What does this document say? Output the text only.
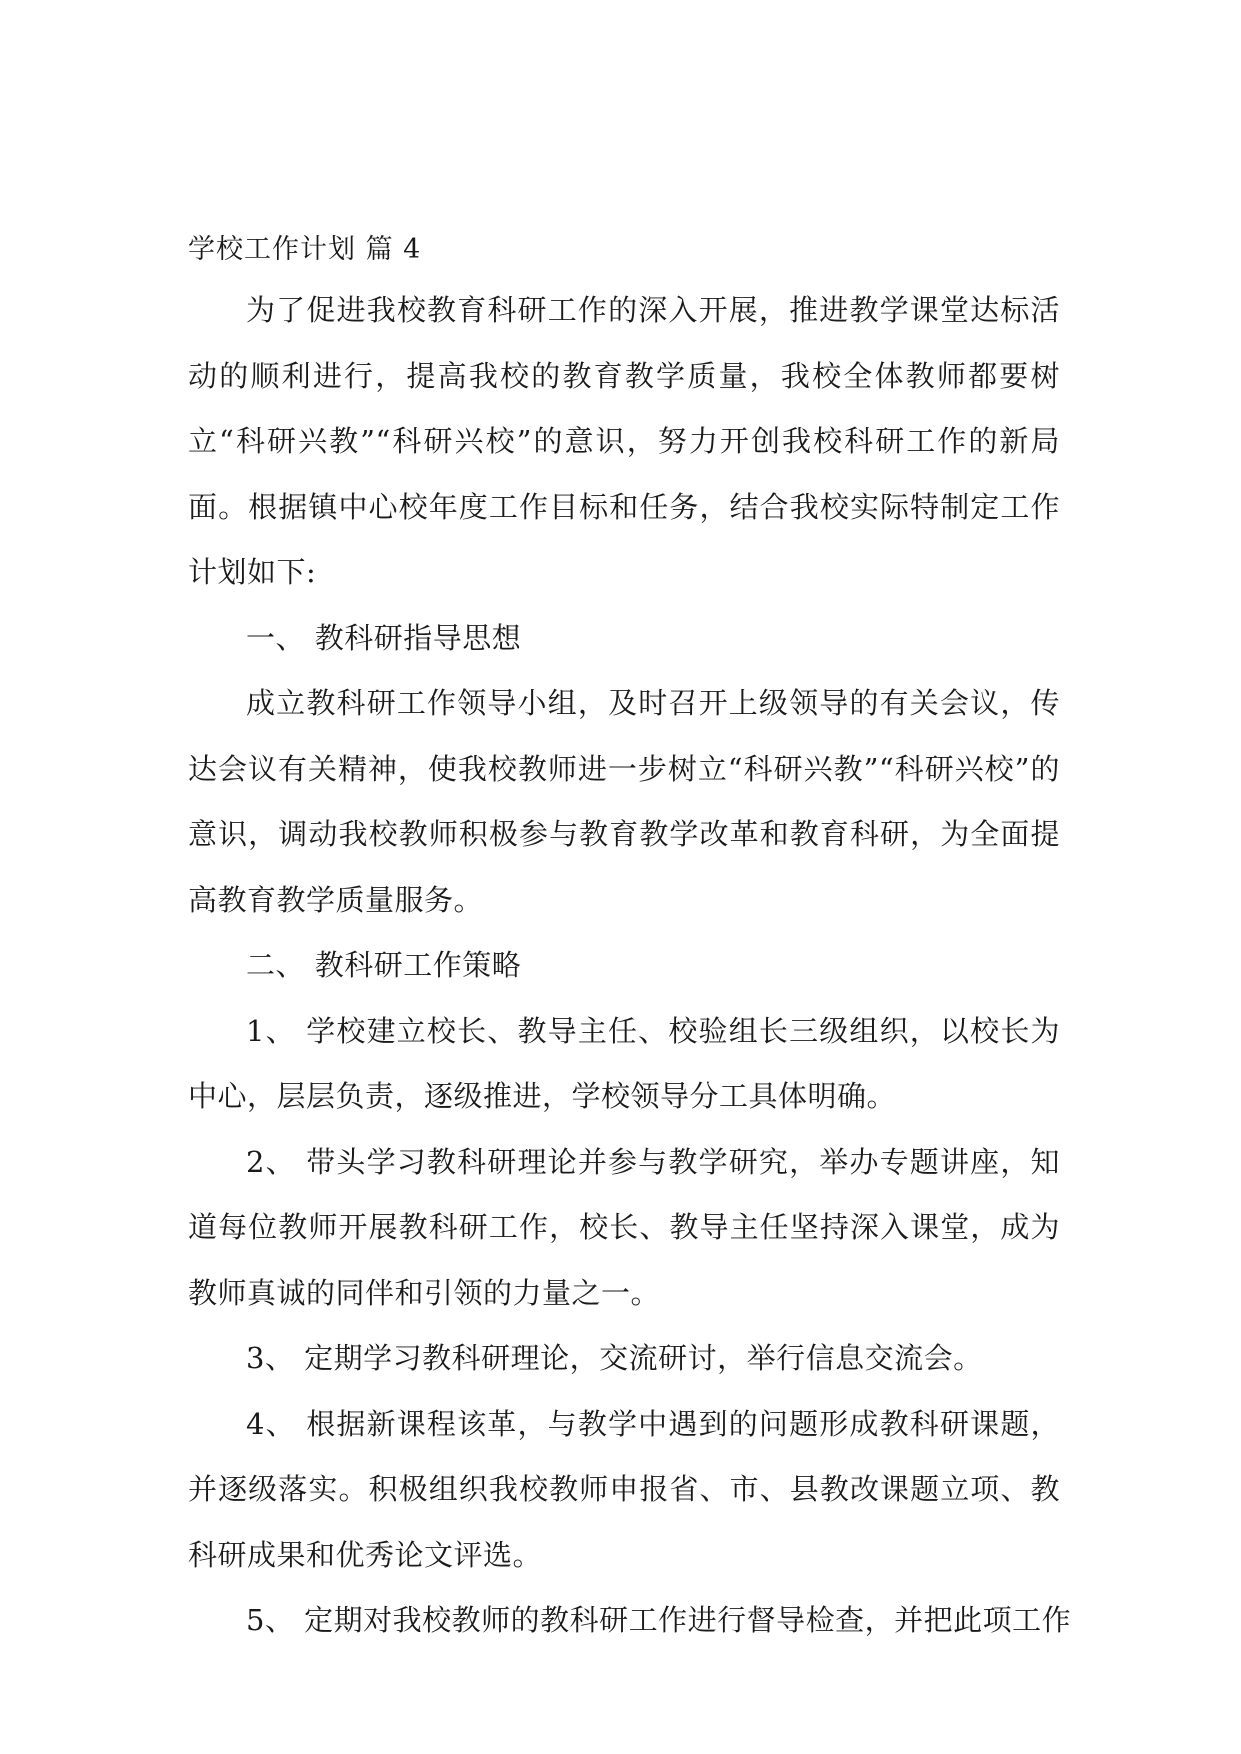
学校工作计划 篇 4

为了促进我校教育科研工作的深入开展，推进教学课堂达标活动的顺利进行，提高我校的教育教学质量，我校全体教师都要树立“科研兴教”“科研兴校”的意识，努力开创我校科研工作的新局面。根据镇中心校年度工作目标和任务，结合我校实际特制定工作计划如下:

一、 教科研指导思想

成立教科研工作领导小组，及时召开上级领导的有关会议，传达会议有关精神，使我校教师进一步树立“科研兴教”“科研兴校”的意识，调动我校教师积极参与教育教学改革和教育科研，为全面提高教育教学质量服务。

二、 教科研工作策略

1、 学校建立校长、教导主任、校验组长三级组织，以校长为中心，层层负责，逐级推进，学校领导分工具体明确。

2、 带头学习教科研理论并参与教学研究，举办专题讲座，知道每位教师开展教科研工作，校长、教导主任坚持深入课堂，成为教师真诚的同伴和引领的力量之一。

3、 定期学习教科研理论，交流研讨，举行信息交流会。

4、 根据新课程该革，与教学中遇到的问题形成教科研课题，并逐级落实。积极组织我校教师申报省、市、县教改课题立项、教科研成果和优秀论文评选。

5、 定期对我校教师的教科研工作进行督导检查，并把此项工作
